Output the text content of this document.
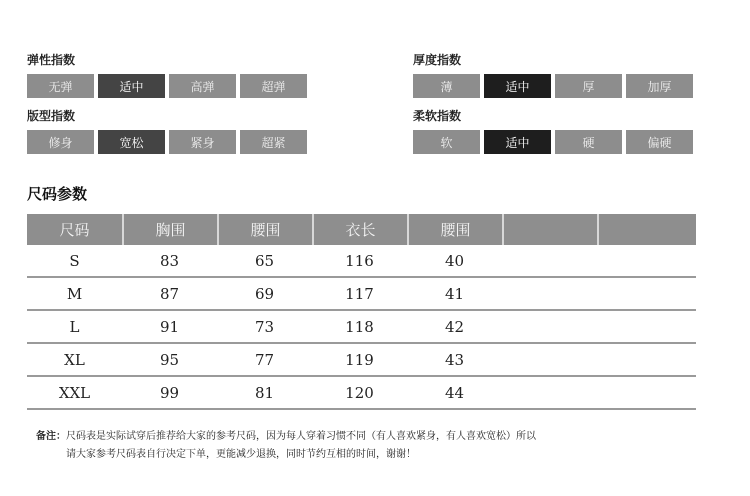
弹性指数
无弹	适中	高弹	超弹
厚度指数
薄	适中	厚	加厚
版型指数
修身	宽松	紧身	超紧
柔软指数
软	适中	硬	偏硬
尺码参数
尺码	胸围	腰围	衣长	腰围		
S	83	65	116	40		
M	87	69	117	41		
L	91	73	118	42		
XL	95	77	119	43		
XXL	99	81	120	44		
备注：尺码表是实际试穿后推荐给大家的参考尺码，因为每人穿着习惯不同（有人喜欢紧身，有人喜欢宽松）所以
请大家参考尺码表自行决定下单，更能减少退换，同时节约互相的时间，谢谢！
